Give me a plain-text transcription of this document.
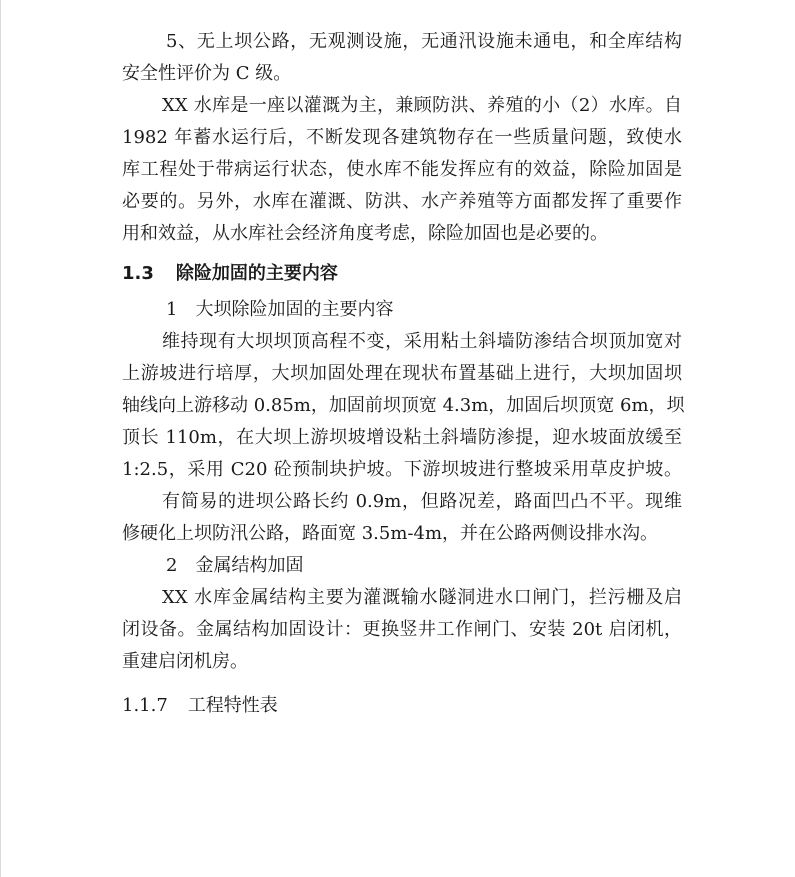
5、无上坝公路，无观测设施，无通汛设施未通电，和全库结构
安全性评价为 C 级。
XX 水库是一座以灌溉为主，兼顾防洪、养殖的小（2）水库。自
1982 年蓄水运行后，不断发现各建筑物存在一些质量问题，致使水
库工程处于带病运行状态，使水库不能发挥应有的效益，除险加固是
必要的。另外，水库在灌溉、防洪、水产养殖等方面都发挥了重要作
用和效益，从水库社会经济角度考虑，除险加固也是必要的。
1.3 除险加固的主要内容
1　大坝除险加固的主要内容
维持现有大坝坝顶高程不变，采用粘土斜墙防渗结合坝顶加宽对
上游坡进行培厚，大坝加固处理在现状布置基础上进行，大坝加固坝
轴线向上游移动 0.85m，加固前坝顶宽 4.3m，加固后坝顶宽 6m，坝
顶长 110m，在大坝上游坝坡增设粘土斜墙防渗提，迎水坡面放缓至
1:2.5，采用 C20 砼预制块护坡。下游坝坡进行整坡采用草皮护坡。
有简易的进坝公路长约 0.9m，但路况差，路面凹凸不平。现维
修硬化上坝防汛公路，路面宽 3.5m-4m，并在公路两侧设排水沟。
2　金属结构加固
XX 水库金属结构主要为灌溉输水隧洞进水口闸门，拦污栅及启
闭设备。金属结构加固设计：更换竖井工作闸门、安装 20t 启闭机，
重建启闭机房。
1.1.7 工程特性表
